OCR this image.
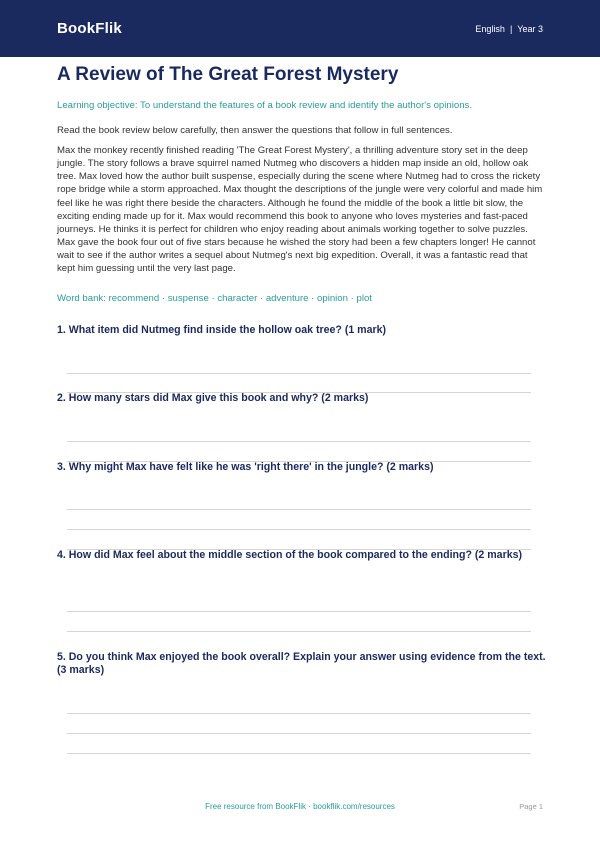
BookFlik	English | Year 3
A Review of The Great Forest Mystery
Learning objective: To understand the features of a book review and identify the author's opinions.
Read the book review below carefully, then answer the questions that follow in full sentences.

Max the monkey recently finished reading 'The Great Forest Mystery', a thrilling adventure story set in the deep jungle. The story follows a brave squirrel named Nutmeg who discovers a hidden map inside an old, hollow oak tree. Max loved how the author built suspense, especially during the scene where Nutmeg had to cross the rickety rope bridge while a storm approached. Max thought the descriptions of the jungle were very colorful and made him feel like he was right there beside the characters. Although he found the middle of the book a little bit slow, the exciting ending made up for it. Max would recommend this book to anyone who loves mysteries and fast-paced journeys. He thinks it is perfect for children who enjoy reading about animals working together to solve puzzles. Max gave the book four out of five stars because he wished the story had been a few chapters longer! He cannot wait to see if the author writes a sequel about Nutmeg's next big expedition. Overall, it was a fantastic read that kept him guessing until the very last page.

Word bank: recommend · suspense · character · adventure · opinion · plot
1. What item did Nutmeg find inside the hollow oak tree? (1 mark)
2. How many stars did Max give this book and why? (2 marks)
3. Why might Max have felt like he was 'right there' in the jungle? (2 marks)
4. How did Max feel about the middle section of the book compared to the ending? (2 marks)
5. Do you think Max enjoyed the book overall? Explain your answer using evidence from the text. (3 marks)
Free resource from BookFlik · bookflik.com/resources	Page 1
